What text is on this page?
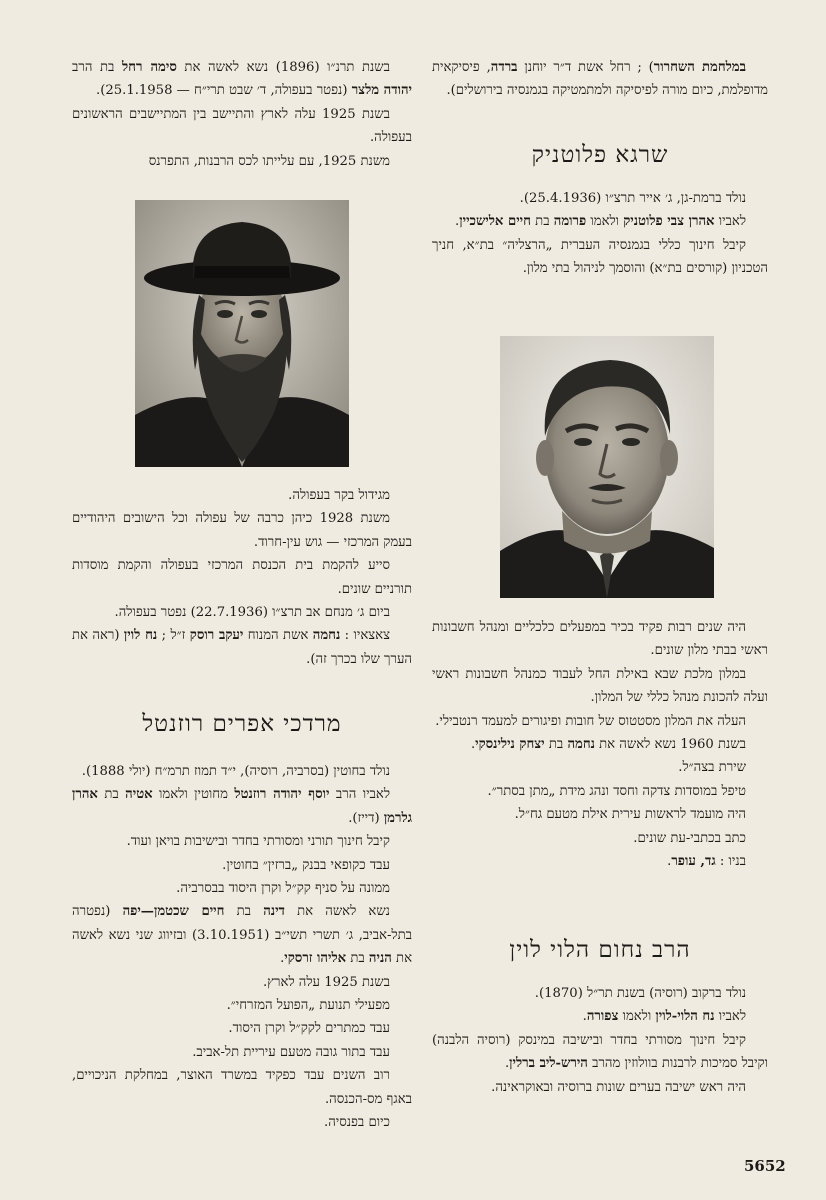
במלחמת השחרור) ; רחל אשת ד״ר יוחנן ברדה, פיסיקאית מדופלמת, כיום מורה לפיסיקה ולמתמטיקה בגמנסיה בירושלים).

שרגא פלוטניק

נולד ברמת-גן, ג׳ אייר תרצ״ו (25.4.1936).

לאביו אהרן צבי פלוטניק ולאמו פרומה בת חיים אלישכיין.

קיבל חינוך כללי בגמנסיה העברית „הרצליה״ בת״א, חניך הטכניון (קורסים בת״א) והוסמך לניהול בתי מלון.

היה שנים רבות פקיד בכיר במפעלים כלכליים ומנהל חשבונות ראשי בבתי מלון שונים.

במלון מלכת שבא באילת החל לעבוד כמנהל חשבונות ראשי ועלה להכונת מנהל כללי של המלון.

העלה את המלון מסטטוס של חובות ופיגורים למעמד רנטבילי.

בשנת 1960 נשא לאשה את נחמה בת יצחק נילינסקי.

שירת בצה״ל.

טיפל במוסדות צדקה וחסד ונהג מידת „מתן בסתר״.

היה מועמד לראשות עירית אילת מטעם גח״ל.

כתב בכתבי-עת שונים.

בניו : גד, עופר.

הרב נחום הלוי לוין

נולד ברקוב (רוסיה) בשנת תר״ל (1870).

לאביו נח הלוי-לוין ולאמו צפורה.

קיבל חינוך מסורתי בחדר ובישיבה במינסק (רוסיה הלבנה) וקיבל סמיכות לרבנות בוולוזין מהרב הירש-ליב ברלין.

היה ראש ישיבה בערים שונות ברוסיה ובאוקראינה.

בשנת תרנ״ו (1896) נשא לאשה את סימה רחל בת הרב יהודה מלצר (נפטר בעפולה, ד׳ שבט תרי״ח — 25.1.1958).

בשנת 1925 עלה לארץ והתיישב בין המתיישבים הראשונים בעפולה.

משנת 1925, עם עלייתו לכס הרבנות, התפרנס

מגידול בקר בעפולה.

משנת 1928 כיהן כרבה של עפולה וכל הישובים היהודיים בעמק המרכזי — גוש עין-חרוד.

סייע להקמת בית הכנסת המרכזי בעפולה והקמת מוסדות תורניים שונים.

ביום ג׳ מנחם אב תרצ״ו (22.7.1936) נפטר בעפולה.

צאצאיו : נחמה אשת המנוח יעקב רוסק ז״ל ; נח לוין (ראה את הערך שלו בכרך זה).

מרדכי אפרים רוזנטל

נולד בחוטין (בסרביה, רוסיה), י״ד תמוז תרמ״ח (יולי 1888).

לאביו הרב יוסף יהודה רוזנטל מחוטין ולאמו אטיה בת אהרן גלרמן (דייז).

קיבל חינוך תורני ומסורתי בחדר ובישיבות בויאן ועוד.

עבד כקופאי בבנק „ברזין״ בחוטין.

ממונה על סניף קק״ל וקרן היסוד בבסרביה.

נשא לאשה את דינה בת חיים שכטמן—יפה (נפטרה בתל-אביב, ג׳ תשרי תשי״ב (3.10.1951) ובזיווג שני נשא לאשה את הניה בת אליהו זרסקי.

בשנת 1925 עלה לארץ.

מפעילי תנועת „הפועל המזרחי״.

עבד כמתרים לקק״ל וקרן היסוד.

עבד בתור גובה מטעם עיריית תל-אביב.

רוב השנים עבד כפקיד במשרד האוצר, במחלקת הניכויים, באגף מס-הכנסה.

כיום בפנסיה.

5652
